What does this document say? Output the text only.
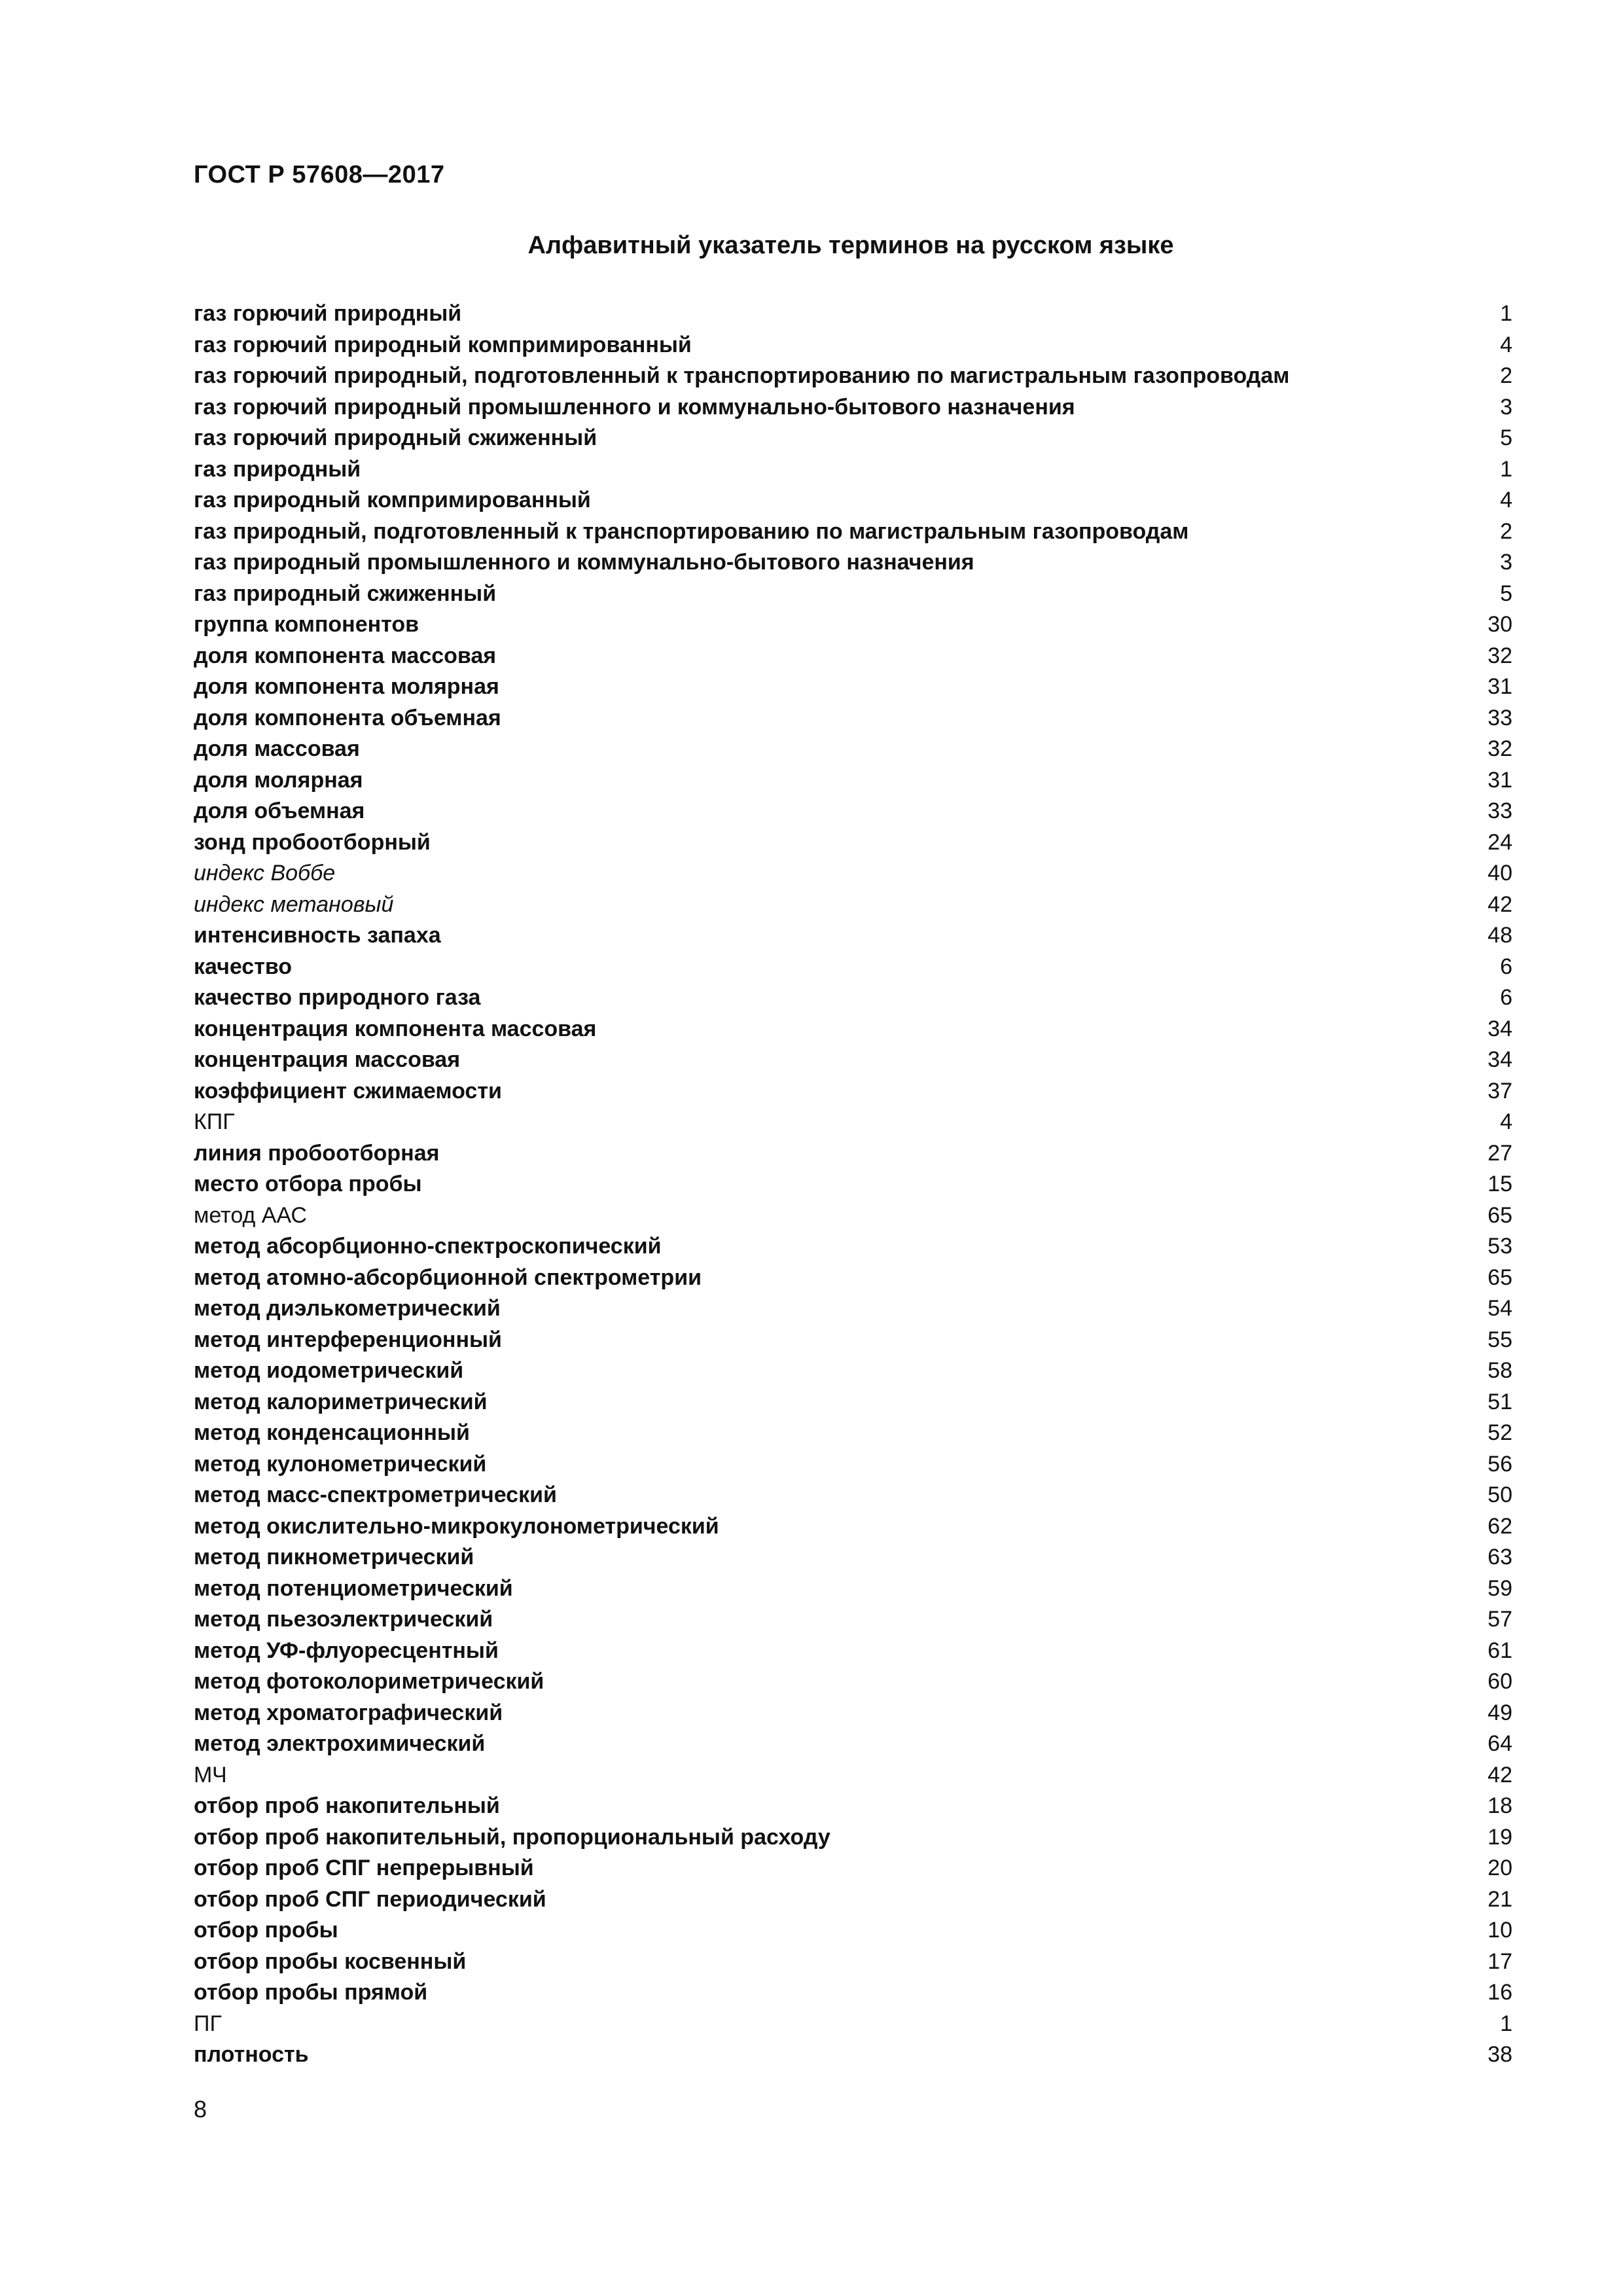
ГОСТ Р 57608—2017
Алфавитный указатель терминов на русском языке
газ горючий природный	1
газ горючий природный компримированный	4
газ горючий природный, подготовленный к транспортированию по магистральным газопроводам	2
газ горючий природный промышленного и коммунально-бытового назначения	3
газ горючий природный сжиженный	5
газ природный	1
газ природный компримированный	4
газ природный, подготовленный к транспортированию по магистральным газопроводам	2
газ природный промышленного и коммунально-бытового назначения	3
газ природный сжиженный	5
группа компонентов	30
доля компонента массовая	32
доля компонента молярная	31
доля компонента объемная	33
доля массовая	32
доля молярная	31
доля объемная	33
зонд пробоотборный	24
индекс Воббе	40
индекс метановый	42
интенсивность запаха	48
качество	6
качество природного газа	6
концентрация компонента массовая	34
концентрация массовая	34
коэффициент сжимаемости	37
КПГ	4
линия пробоотборная	27
место отбора пробы	15
метод ААС	65
метод абсорбционно-спектроскопический	53
метод атомно-абсорбционной спектрометрии	65
метод диэлькометрический	54
метод интерференционный	55
метод иодометрический	58
метод калориметрический	51
метод конденсационный	52
метод кулонометрический	56
метод масс-спектрометрический	50
метод окислительно-микрокулонометрический	62
метод пикнометрический	63
метод потенциометрический	59
метод пьезоэлектрический	57
метод УФ-флуоресцентный	61
метод фотоколориметрический	60
метод хроматографический	49
метод электрохимический	64
МЧ	42
отбор проб накопительный	18
отбор проб накопительный, пропорциональный расходу	19
отбор проб СПГ непрерывный	20
отбор проб СПГ периодический	21
отбор пробы	10
отбор пробы косвенный	17
отбор пробы прямой	16
ПГ	1
плотность	38
8
